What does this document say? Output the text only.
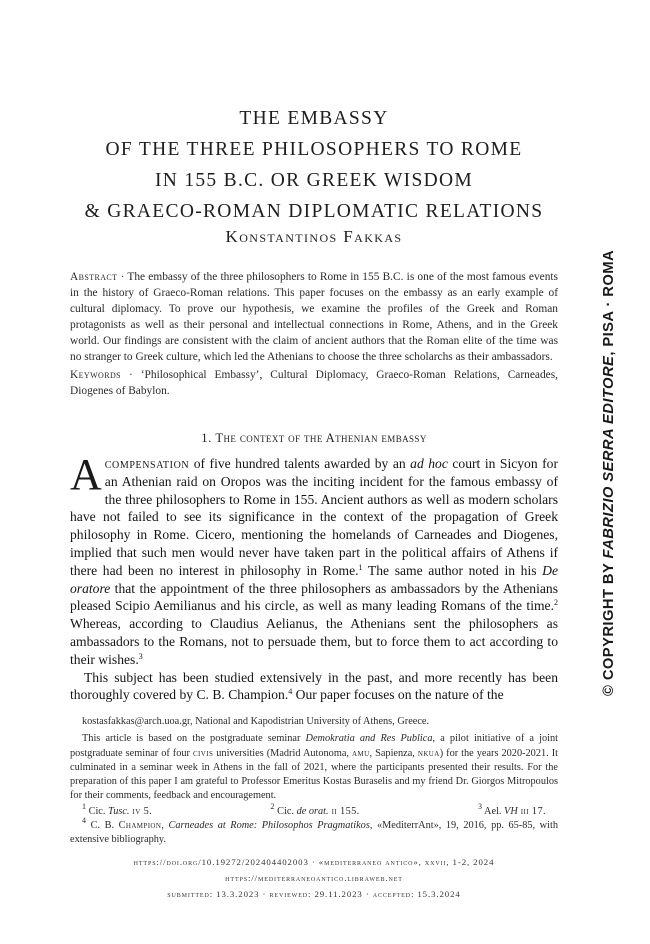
THE EMBASSY
OF THE THREE PHILOSOPHERS TO ROME
IN 155 B.C. OR GREEK WISDOM
& GRAECO-ROMAN DIPLOMATIC RELATIONS
Konstantinos Fakkas

Abstract · The embassy of the three philosophers to Rome in 155 B.C. is one of the most famous events in the history of Graeco-Roman relations. This paper focuses on the embassy as an early example of cultural diplomacy. To prove our hypothesis, we examine the profiles of the Greek and Roman protagonists as well as their personal and intellectual connections in Rome, Athens, and in the Greek world. Our findings are consistent with the claim of ancient authors that the Roman elite of the time was no stranger to Greek culture, which led the Athenians to choose the three scholarchs as their ambassadors.

Keywords · ‘Philosophical Embassy’, Cultural Diplomacy, Graeco-Roman Relations, Carneades, Diogenes of Babylon.

1. The context of the Athenian embassy

Acompensation of five hundred talents awarded by an ad hoc court in Sicyon for an Athenian raid on Oropos was the inciting incident for the famous embassy of the three philosophers to Rome in 155. Ancient authors as well as modern scholars have not failed to see its significance in the context of the propagation of Greek philosophy in Rome. Cicero, mentioning the homelands of Carneades and Diogenes, implied that such men would never have taken part in the political affairs of Athens if there had been no interest in philosophy in Rome.$^1$ The same author noted in his De oratore that the appointment of the three philosophers as ambassadors by the Athenians pleased Scipio Aemilianus and his circle, as well as many leading Romans of the time.$^2$ Whereas, according to Claudius Aelianus, the Athenians sent the philosophers as ambassadors to the Romans, not to persuade them, but to force them to act according to their wishes.$^3$

This subject has been studied extensively in the past, and more recently has been thoroughly covered by C. B. Champion.$^4$ Our paper focuses on the nature of the

kostasfakkas@arch.uoa.gr, National and Kapodistrian University of Athens, Greece.

This article is based on the postgraduate seminar Demokratia and Res Publica, a pilot initiative of a joint postgraduate seminar of four civis universities (Madrid Autonoma, amu, Sapienza, nkua) for the years 2020-2021. It culminated in a seminar week in Athens in the fall of 2021, where the participants presented their results. For the preparation of this paper I am grateful to Professor Emeritus Kostas Buraselis and my friend Dr. Giorgos Mitropoulos for their comments, feedback and encouragement.

$^1$ Cic. Tusc. iv 5.	$^2$ Cic. de orat. ii 155.	$^3$ Ael. VH iii 17.

$^4$ C. B. Champion, Carneades at Rome: Philosophos Pragmatikos, «MediterrAnt», 19, 2016, pp. 65-85, with extensive bibliography.

https://doi.org/10.19272/202404402003 · «mediterraneo antico», xxvii, 1-2, 2024
https://mediterraneoantico.libraweb.net
submitted: 13.3.2023 · reviewed: 29.11.2023 · accepted: 15.3.2024
© COPYRIGHT BY FABRIZIO SERRA EDITORE, PISA · ROMA
